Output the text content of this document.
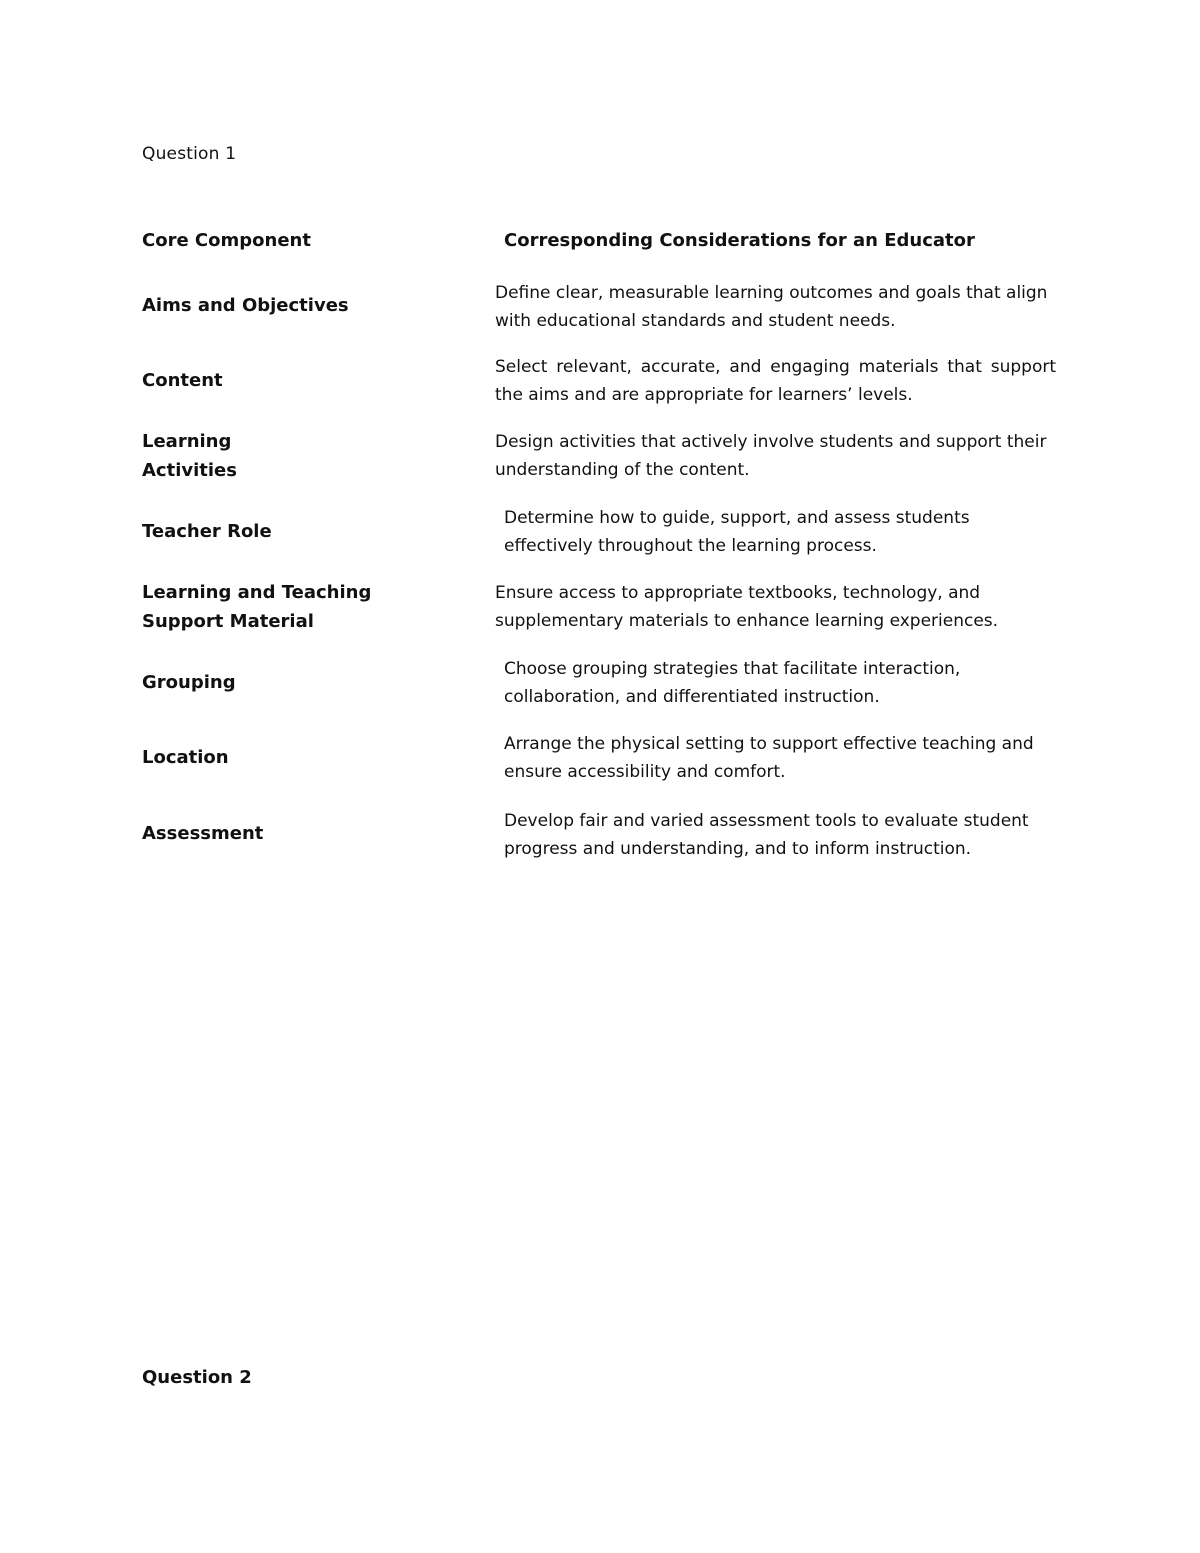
Question 1
Core Component	Corresponding Considerations for an Educator
Aims and Objectives
Define clear, measurable learning outcomes and goals that align with educational standards and student needs.
Content
Select relevant, accurate, and engaging materials that support the aims and are appropriate for learners’ levels.
Learning
Activities
Design activities that actively involve students and support their understanding of the content.
Teacher Role
Determine how to guide, support, and assess students
effectively throughout the learning process.
Learning and Teaching Support Material
Ensure access to appropriate textbooks, technology, and supplementary materials to enhance learning experiences.
Grouping
Choose grouping strategies that facilitate interaction,
collaboration, and differentiated instruction.
Location
Arrange the physical setting to support effective teaching and
ensure accessibility and comfort.
Assessment
Develop fair and varied assessment tools to evaluate student
progress and understanding, and to inform instruction.
Question 2
